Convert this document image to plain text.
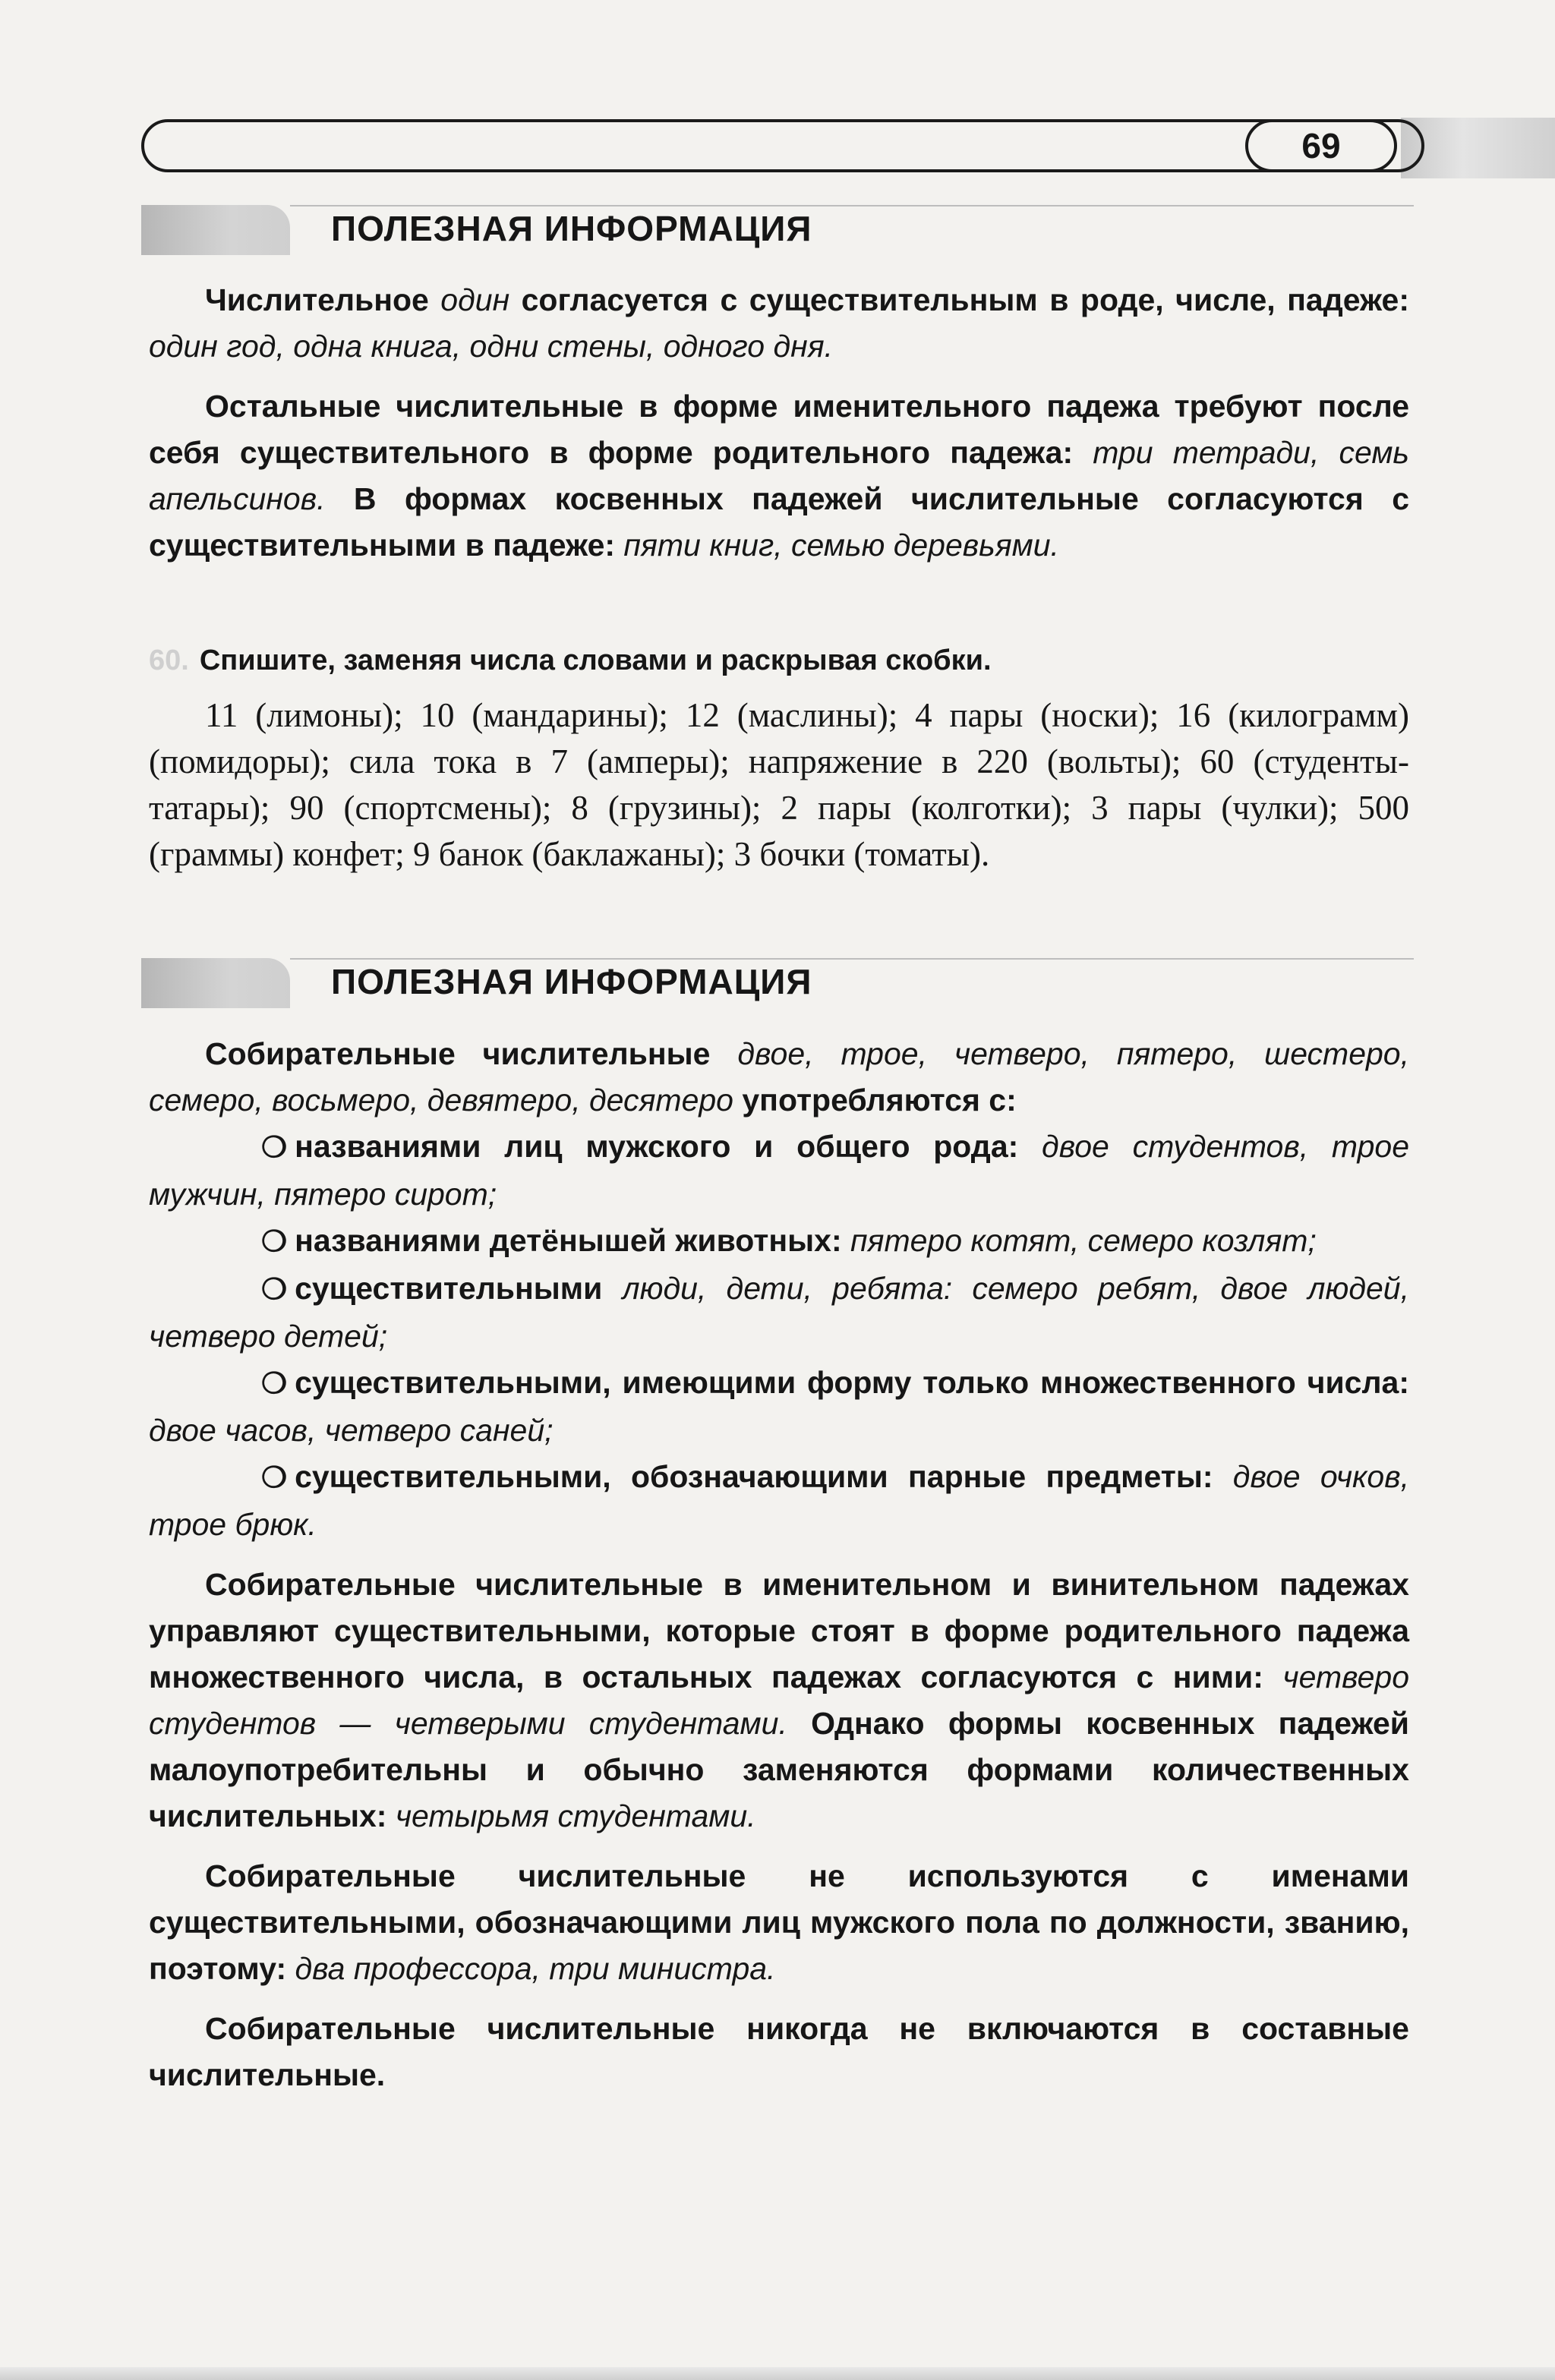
69
ПОЛЕЗНАЯ ИНФОРМАЦИЯ

Числительное один согласуется с существительным в роде, числе, падеже: один год, одна книга, одни стены, одного дня.

Остальные числительные в форме именительного падежа требуют после себя существительного в форме родительного падежа: три тетради, семь апельсинов. В формах косвенных падежей числительные согласуются с существительными в падеже: пяти книг, семью деревьями.

60. Спишите, заменяя числа словами и раскрывая скобки.

11 (лимоны); 10 (мандарины); 12 (маслины); 4 пары (носки); 16 (килограмм) (помидоры); сила тока в 7 (амперы); напряжение в 220 (вольты); 60 (студенты-татары); 90 (спортсмены); 8 (грузины); 2 пары (колготки); 3 пары (чулки); 500 (граммы) конфет; 9 банок (баклажаны); 3 бочки (томаты).

ПОЛЕЗНАЯ ИНФОРМАЦИЯ

Собирательные числительные двое, трое, четверо, пятеро, шестеро, семеро, восьмеро, девятеро, десятеро употребляются с:

❍ названиями лиц мужского и общего рода: двое студентов, трое мужчин, пятеро сирот;

❍ названиями детёнышей животных: пятеро котят, семеро козлят;

❍ существительными люди, дети, ребята: семеро ребят, двое людей, четверо детей;

❍ существительными, имеющими форму только множественного числа: двое часов, четверо саней;

❍ существительными, обозначающими парные предметы: двое очков, трое брюк.

Собирательные числительные в именительном и винительном падежах управляют существительными, которые стоят в форме родительного падежа множественного числа, в остальных падежах согласуются с ними: четверо студентов — четверыми студентами. Однако формы косвенных падежей малоупотребительны и обычно заменяются формами количественных числительных: четырьмя студентами.

Собирательные числительные не используются с именами существительными, обозначающими лиц мужского пола по должности, званию, поэтому: два профессора, три министра.

Собирательные числительные никогда не включаются в составные числительные.
